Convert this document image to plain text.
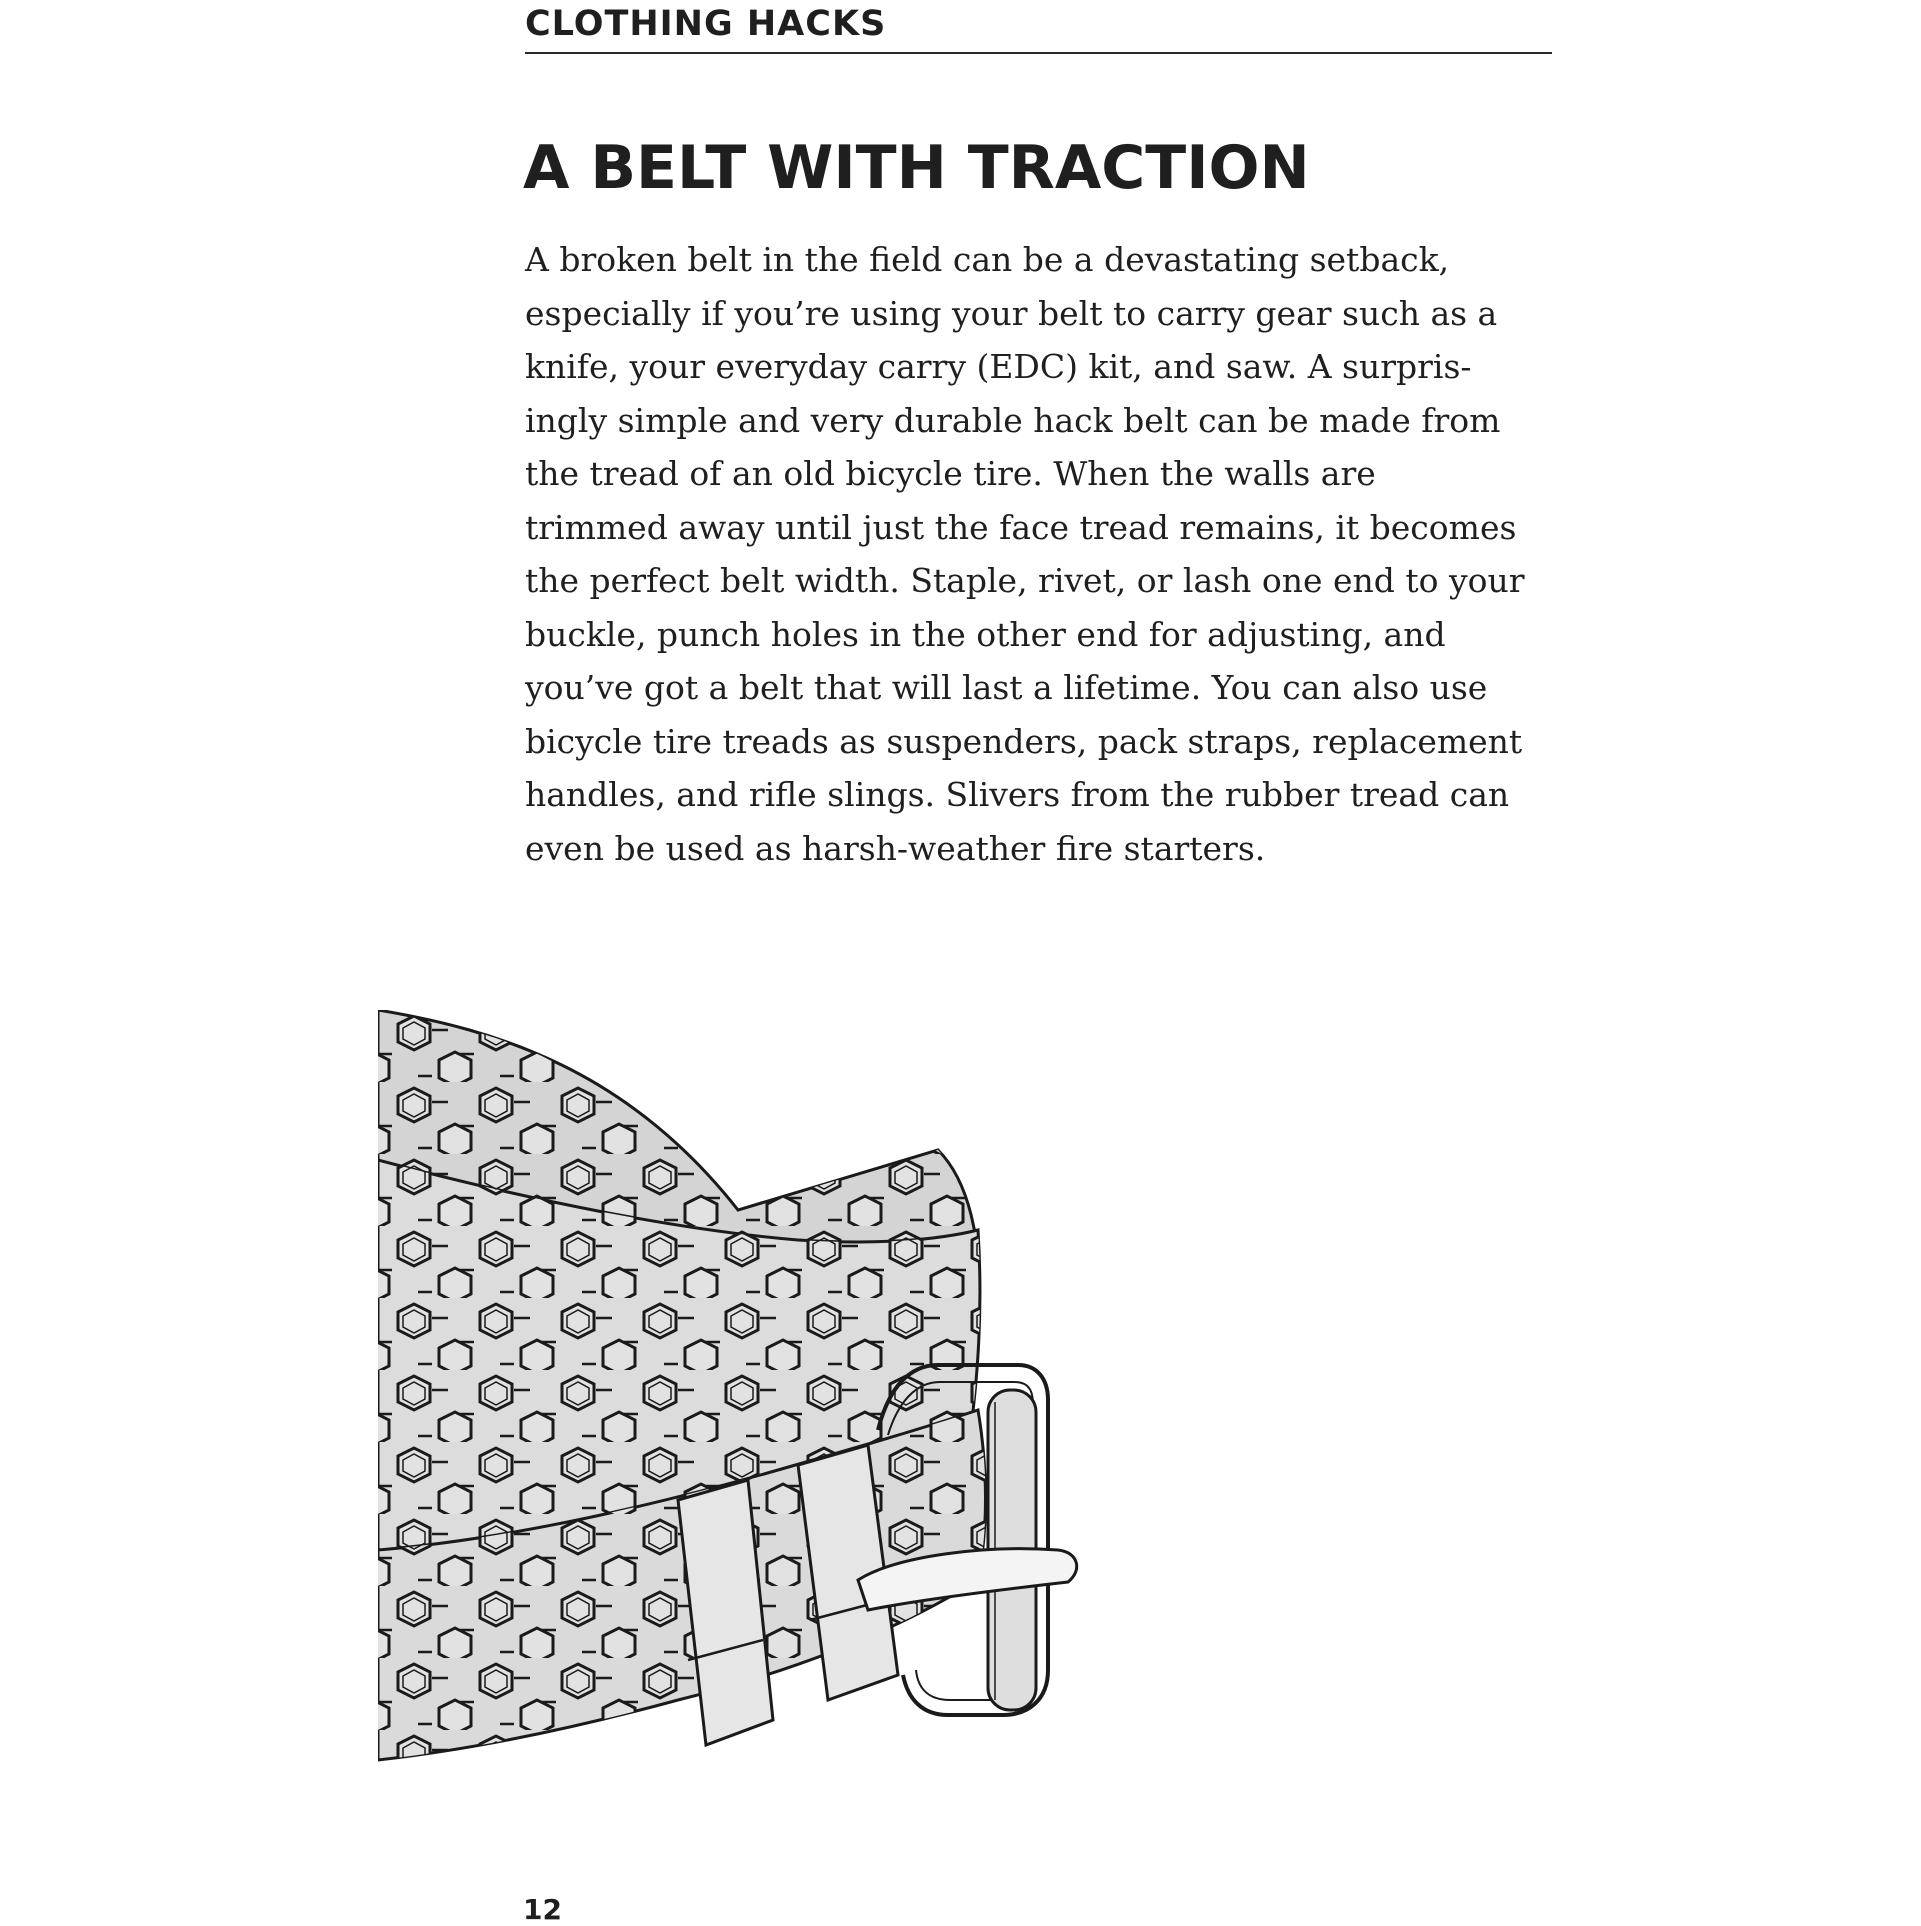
CLOTHING HACKS
A BELT WITH TRACTION
A broken belt in the field can be a devastating setback,
especially if you’re using your belt to carry gear such as a
knife, your everyday carry (EDC) kit, and saw. A surpris-
ingly simple and very durable hack belt can be made from
the tread of an old bicycle tire. When the walls are
trimmed away until just the face tread remains, it becomes
the perfect belt width. Staple, rivet, or lash one end to your
buckle, punch holes in the other end for adjusting, and
you’ve got a belt that will last a lifetime. You can also use
bicycle tire treads as suspenders, pack straps, replacement
handles, and rifle slings. Slivers from the rubber tread can
even be used as harsh-weather fire starters.
12
